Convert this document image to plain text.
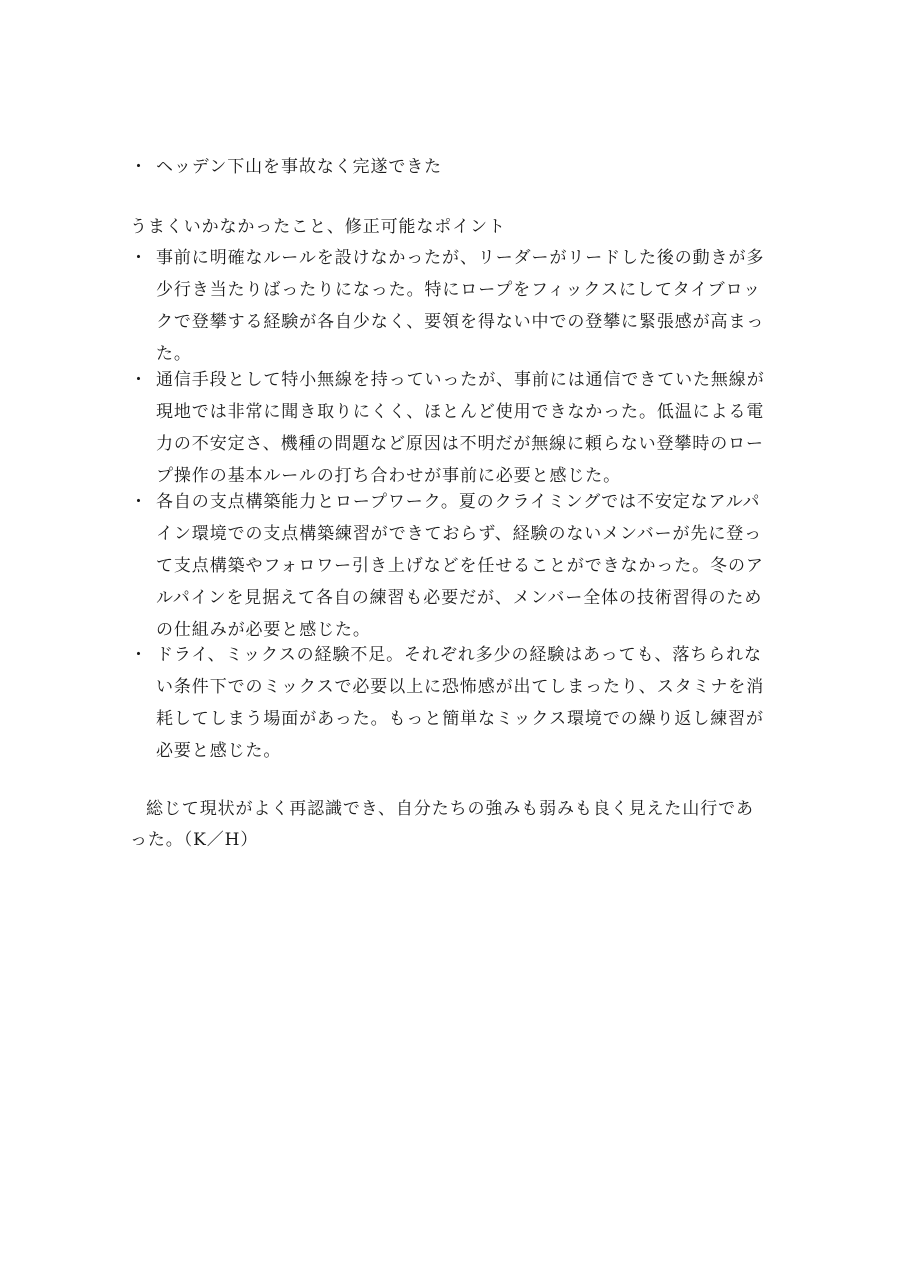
・ ヘッデン下山を事故なく完遂できた
うまくいかなかったこと、修正可能なポイント
・ 事前に明確なルールを設けなかったが、リーダーがリードした後の動きが多
少行き当たりばったりになった。特にロープをフィックスにしてタイブロッ
クで登攀する経験が各自少なく、要領を得ない中での登攀に緊張感が高まっ
た。
・ 通信手段として特小無線を持っていったが、事前には通信できていた無線が
現地では非常に聞き取りにくく、ほとんど使用できなかった。低温による電
力の不安定さ、機種の問題など原因は不明だが無線に頼らない登攀時のロー
プ操作の基本ルールの打ち合わせが事前に必要と感じた。
・ 各自の支点構築能力とロープワーク。夏のクライミングでは不安定なアルパ
イン環境での支点構築練習ができておらず、経験のないメンバーが先に登っ
て支点構築やフォロワー引き上げなどを任せることができなかった。冬のア
ルパインを見据えて各自の練習も必要だが、メンバー全体の技術習得のため
の仕組みが必要と感じた。
・ ドライ、ミックスの経験不足。それぞれ多少の経験はあっても、落ちられな
い条件下でのミックスで必要以上に恐怖感が出てしまったり、スタミナを消
耗してしまう場面があった。もっと簡単なミックス環境での繰り返し練習が
必要と感じた。
総じて現状がよく再認識でき、自分たちの強みも弱みも良く見えた山行であ
った。（K／H）
